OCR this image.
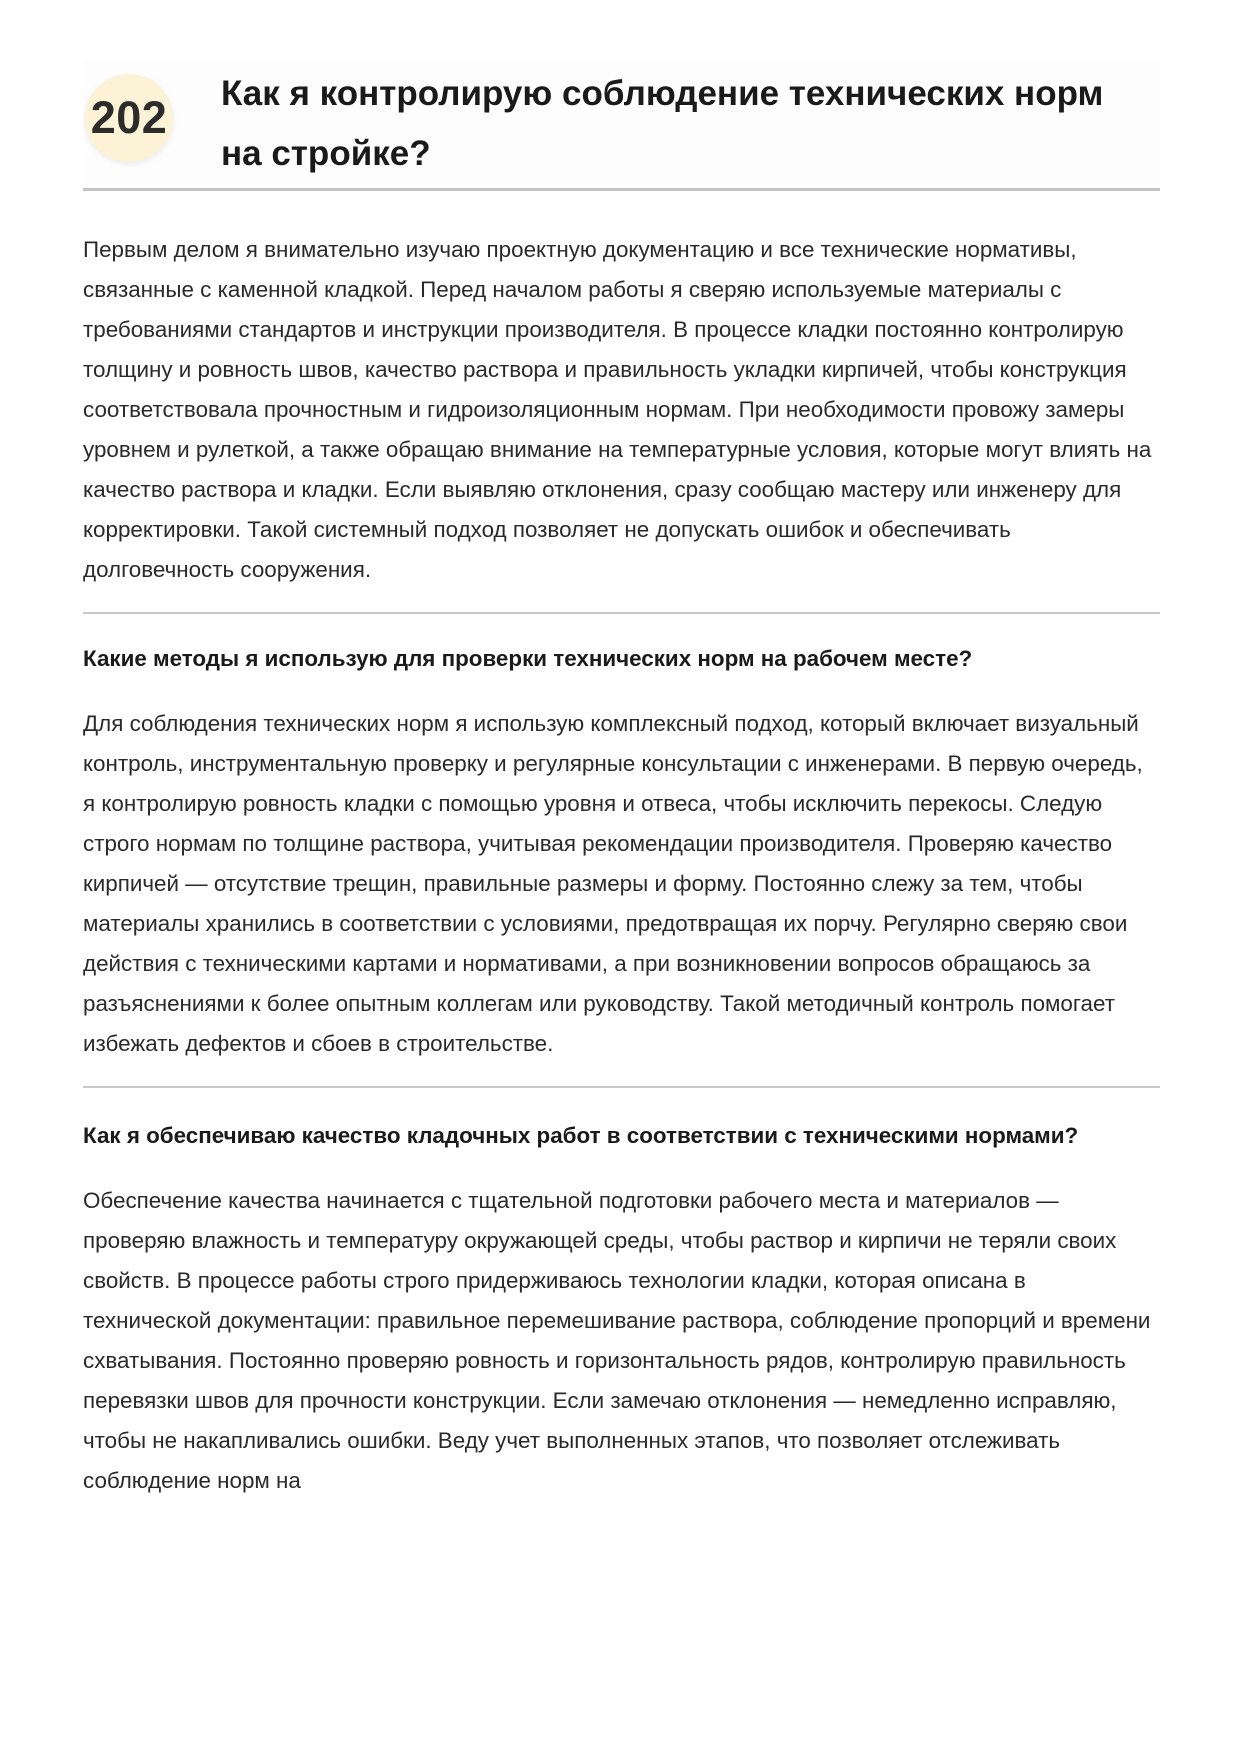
202 Как я контролирую соблюдение технических норм на стройке?

Первым делом я внимательно изучаю проектную документацию и все технические нормативы, связанные с каменной кладкой. Перед началом работы я сверяю используемые материалы с требованиями стандартов и инструкции производителя. В процессе кладки постоянно контролирую толщину и ровность швов, качество раствора и правильность укладки кирпичей, чтобы конструкция соответствовала прочностным и гидроизоляционным нормам. При необходимости провожу замеры уровнем и рулеткой, а также обращаю внимание на температурные условия, которые могут влиять на качество раствора и кладки. Если выявляю отклонения, сразу сообщаю мастеру или инженеру для корректировки. Такой системный подход позволяет не допускать ошибок и обеспечивать долговечность сооружения.

Какие методы я использую для проверки технических норм на рабочем месте?

Для соблюдения технических норм я использую комплексный подход, который включает визуальный контроль, инструментальную проверку и регулярные консультации с инженерами. В первую очередь, я контролирую ровность кладки с помощью уровня и отвеса, чтобы исключить перекосы. Следую строго нормам по толщине раствора, учитывая рекомендации производителя. Проверяю качество кирпичей — отсутствие трещин, правильные размеры и форму. Постоянно слежу за тем, чтобы материалы хранились в соответствии с условиями, предотвращая их порчу. Регулярно сверяю свои действия с техническими картами и нормативами, а при возникновении вопросов обращаюсь за разъяснениями к более опытным коллегам или руководству. Такой методичный контроль помогает избежать дефектов и сбоев в строительстве.

Как я обеспечиваю качество кладочных работ в соответствии с техническими нормами?

Обеспечение качества начинается с тщательной подготовки рабочего места и материалов — проверяю влажность и температуру окружающей среды, чтобы раствор и кирпичи не теряли своих свойств. В процессе работы строго придерживаюсь технологии кладки, которая описана в технической документации: правильное перемешивание раствора, соблюдение пропорций и времени схватывания. Постоянно проверяю ровность и горизонтальность рядов, контролирую правильность перевязки швов для прочности конструкции. Если замечаю отклонения — немедленно исправляю, чтобы не накапливались ошибки. Веду учет выполненных этапов, что позволяет отслеживать соблюдение норм на
